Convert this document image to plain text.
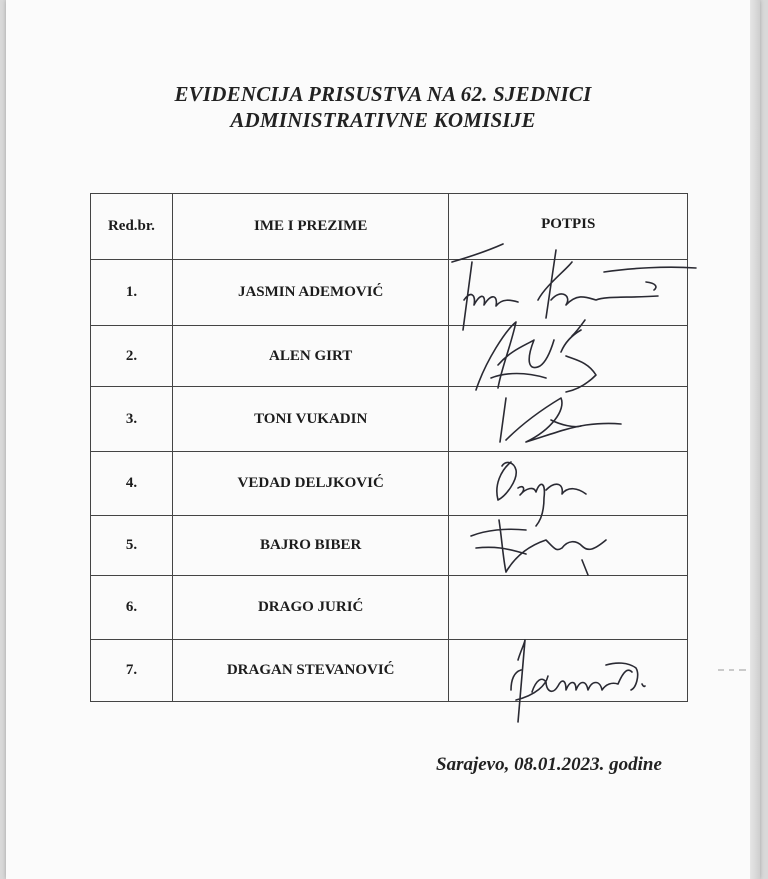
EVIDENCIJA PRISUSTVA NA 62. SJEDNICI
ADMINISTRATIVNE KOMISIJE
Red.br.	IME I PREZIME	POTPIS
1.	JASMIN ADEMOVIĆ	
2.	ALEN GIRT	
3.	TONI VUKADIN	
4.	VEDAD DELJKOVIĆ	
5.	BAJRO BIBER	
6.	DRAGO JURIĆ	
7.	DRAGAN STEVANOVIĆ	
Sarajevo, 08.01.2023. godine
